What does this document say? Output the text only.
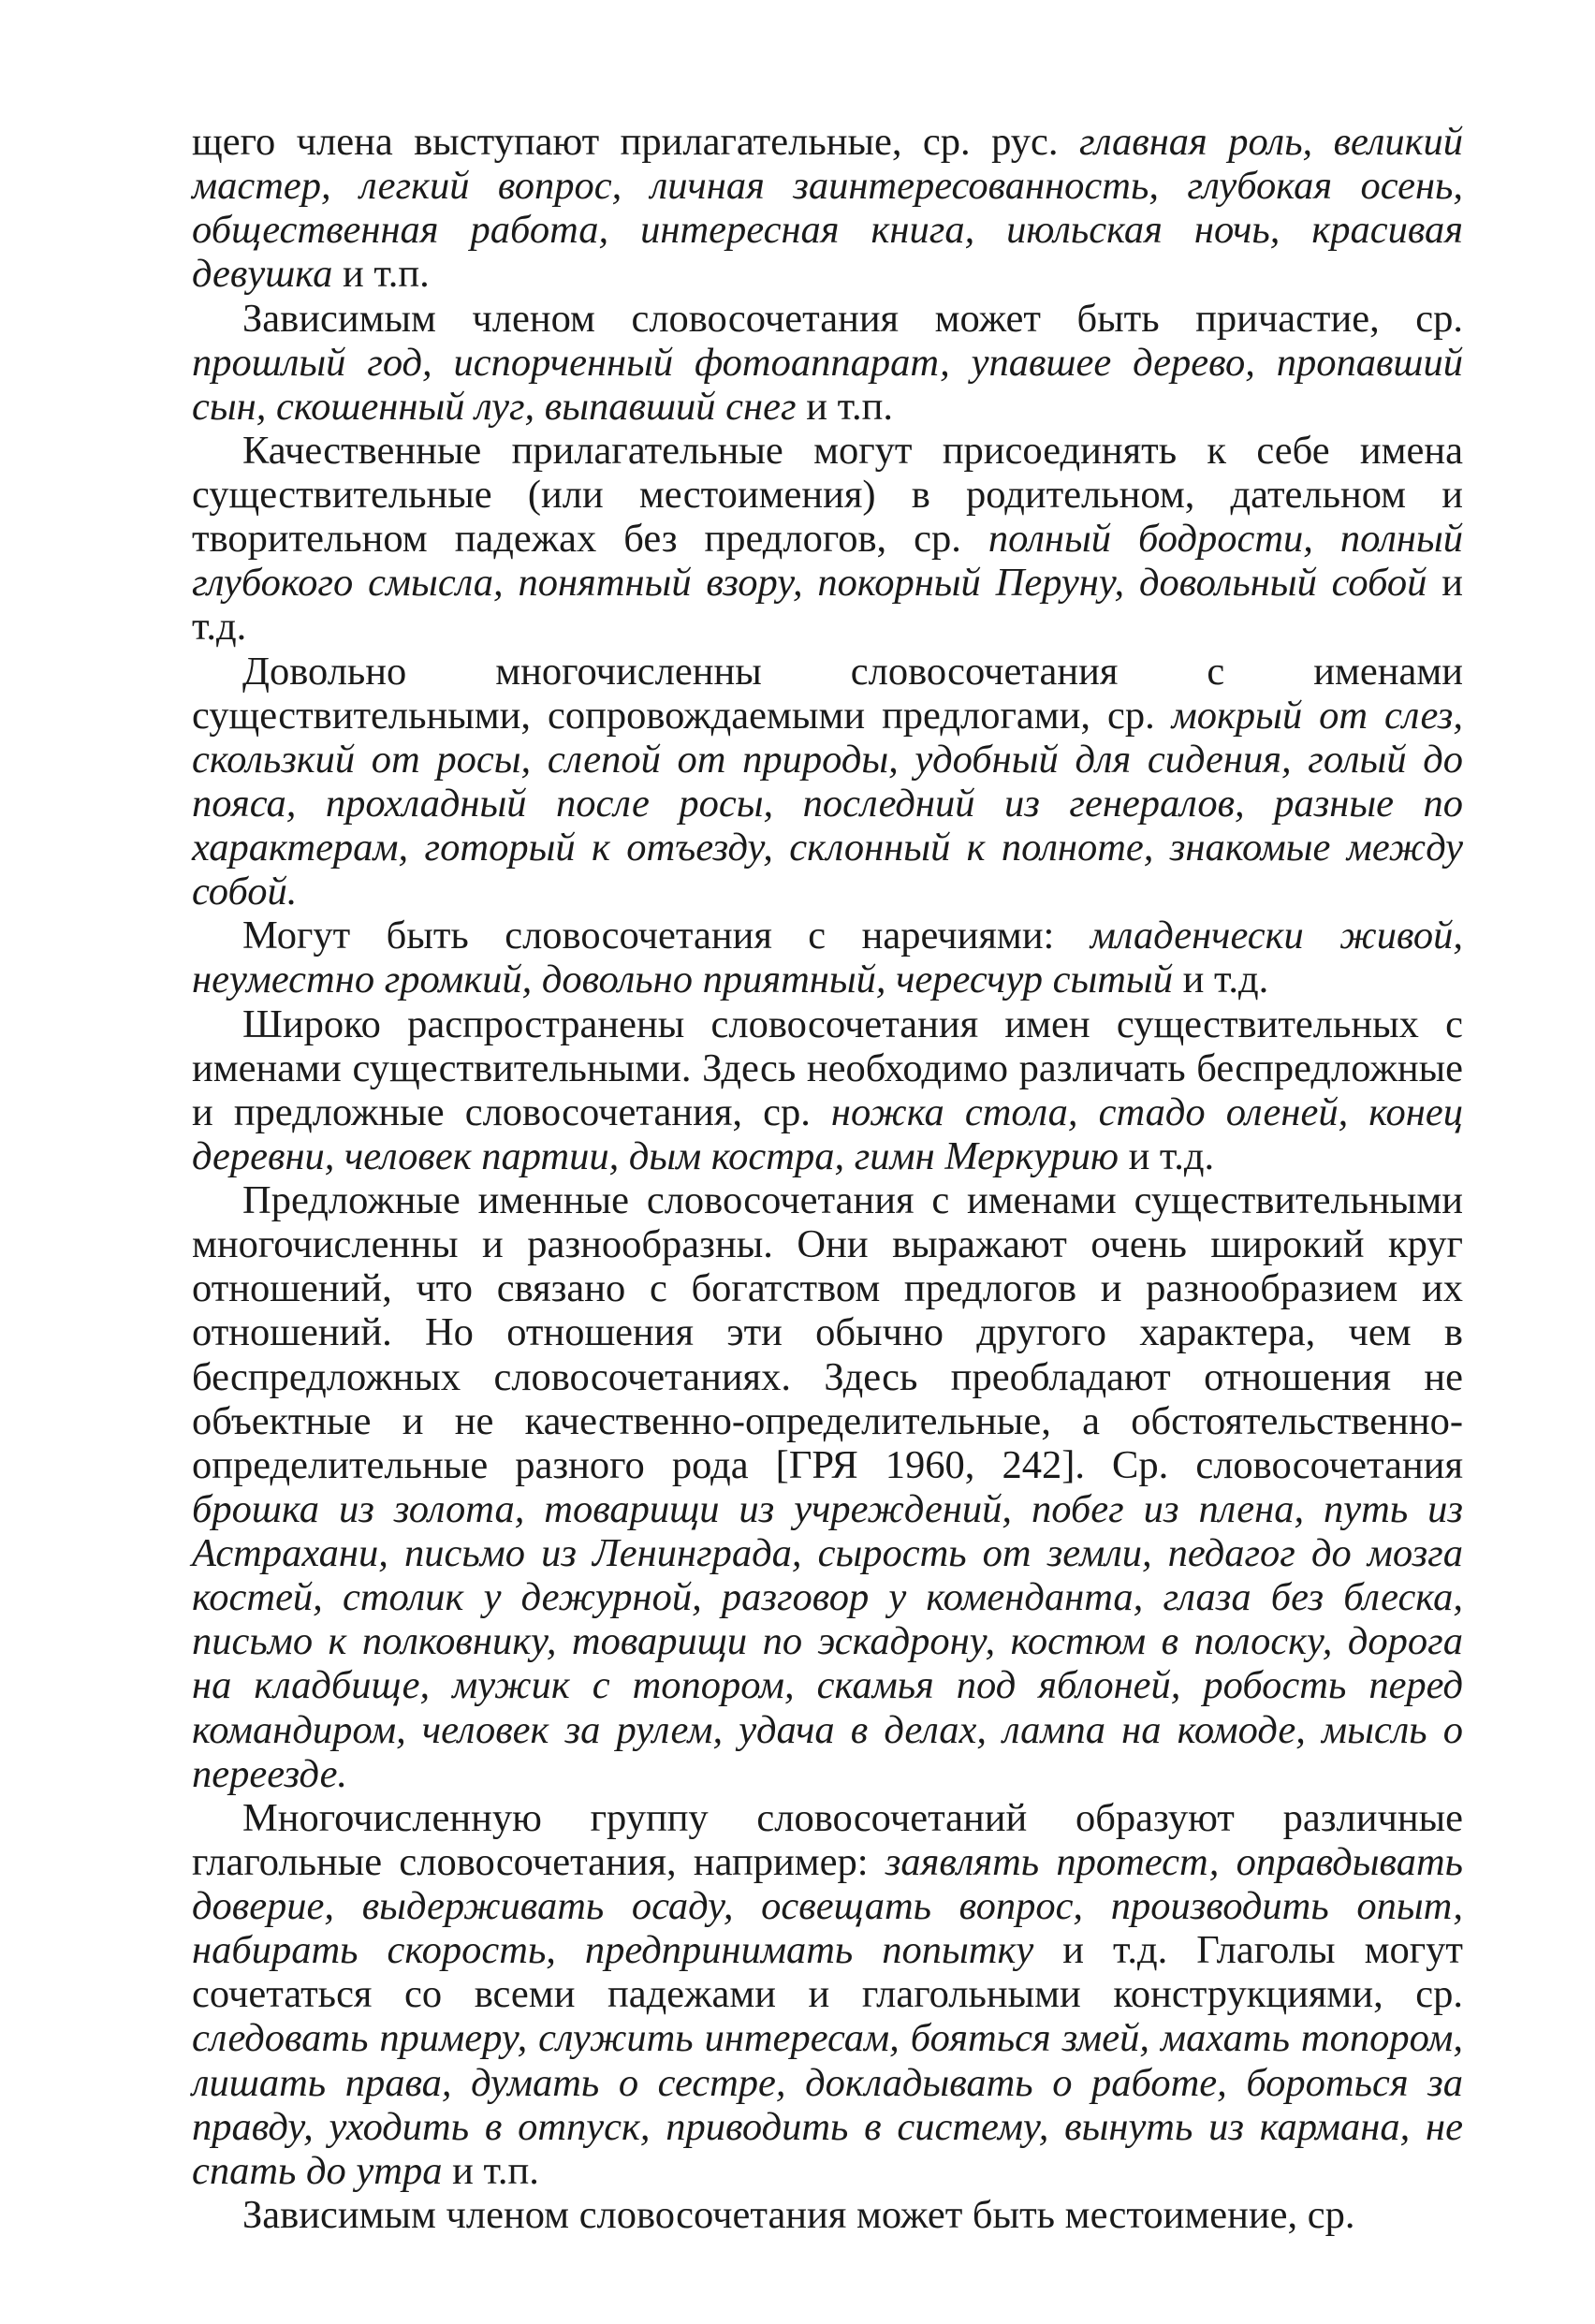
щего члена выступают прилагательные, ср. рус. главная роль, великий мастер, легкий вопрос, личная заинтересованность, глубокая осень, общественная работа, интересная книга, июльская ночь, красивая девушка и т.п.

Зависимым членом словосочетания может быть причастие, ср. прошлый год, испорченный фотоаппарат, упавшее дерево, пропавший сын, скошенный луг, выпавший снег и т.п.

Качественные прилагательные могут присоединять к себе имена существительные (или местоимения) в родительном, дательном и творительном падежах без предлогов, ср. полный бодрости, полный глубокого смысла, понятный взору, покорный Перуну, довольный собой и т.д.

Довольно многочисленны словосочетания с именами существительными, сопровождаемыми предлогами, ср. мокрый от слез, скользкий от росы, слепой от природы, удобный для сидения, голый до пояса, прохладный после росы, последний из генералов, разные по характерам, готорый к отъезду, склонный к полноте, знакомые между собой.

Могут быть словосочетания с наречиями: младенчески живой, неуместно громкий, довольно приятный, чересчур сытый и т.д.

Широко распространены словосочетания имен существительных с именами существительными. Здесь необходимо различать беспредложные и предложные словосочетания, ср. ножка стола, стадо оленей, конец деревни, человек партии, дым костра, гимн Меркурию и т.д.

Предложные именные словосочетания с именами существительными многочисленны и разнообразны. Они выражают очень широкий круг отношений, что связано с богатством предлогов и разнообразием их отношений. Но отношения эти обычно другого характера, чем в беспредложных словосочетаниях. Здесь преобладают отношения не объектные и не качественно-определительные, а обстоятельственно-определительные разного рода [ГРЯ 1960, 242]. Ср. словосочетания брошка из золота, товарищи из учреждений, побег из плена, путь из Астрахани, письмо из Ленинграда, сырость от земли, педагог до мозга костей, столик у дежурной, разговор у коменданта, глаза без блеска, письмо к полковнику, товарищи по эскадрону, костюм в полоску, дорога на кладбище, мужик с топором, скамья под яблоней, робость перед командиром, человек за рулем, удача в делах, лампа на комоде, мысль о переезде.

Многочисленную группу словосочетаний образуют различные глагольные словосочетания, например: заявлять протест, оправдывать доверие, выдерживать осаду, освещать вопрос, производить опыт, набирать скорость, предпринимать попытку и т.д. Глаголы могут сочетаться со всеми падежами и глагольными конструкциями, ср. следовать примеру, служить интересам, бояться змей, махать топором, лишать права, думать о сестре, докладывать о работе, бороться за правду, уходить в отпуск, приводить в систему, вынуть из кармана, не спать до утра и т.п.

Зависимым членом словосочетания может быть местоимение, ср.
